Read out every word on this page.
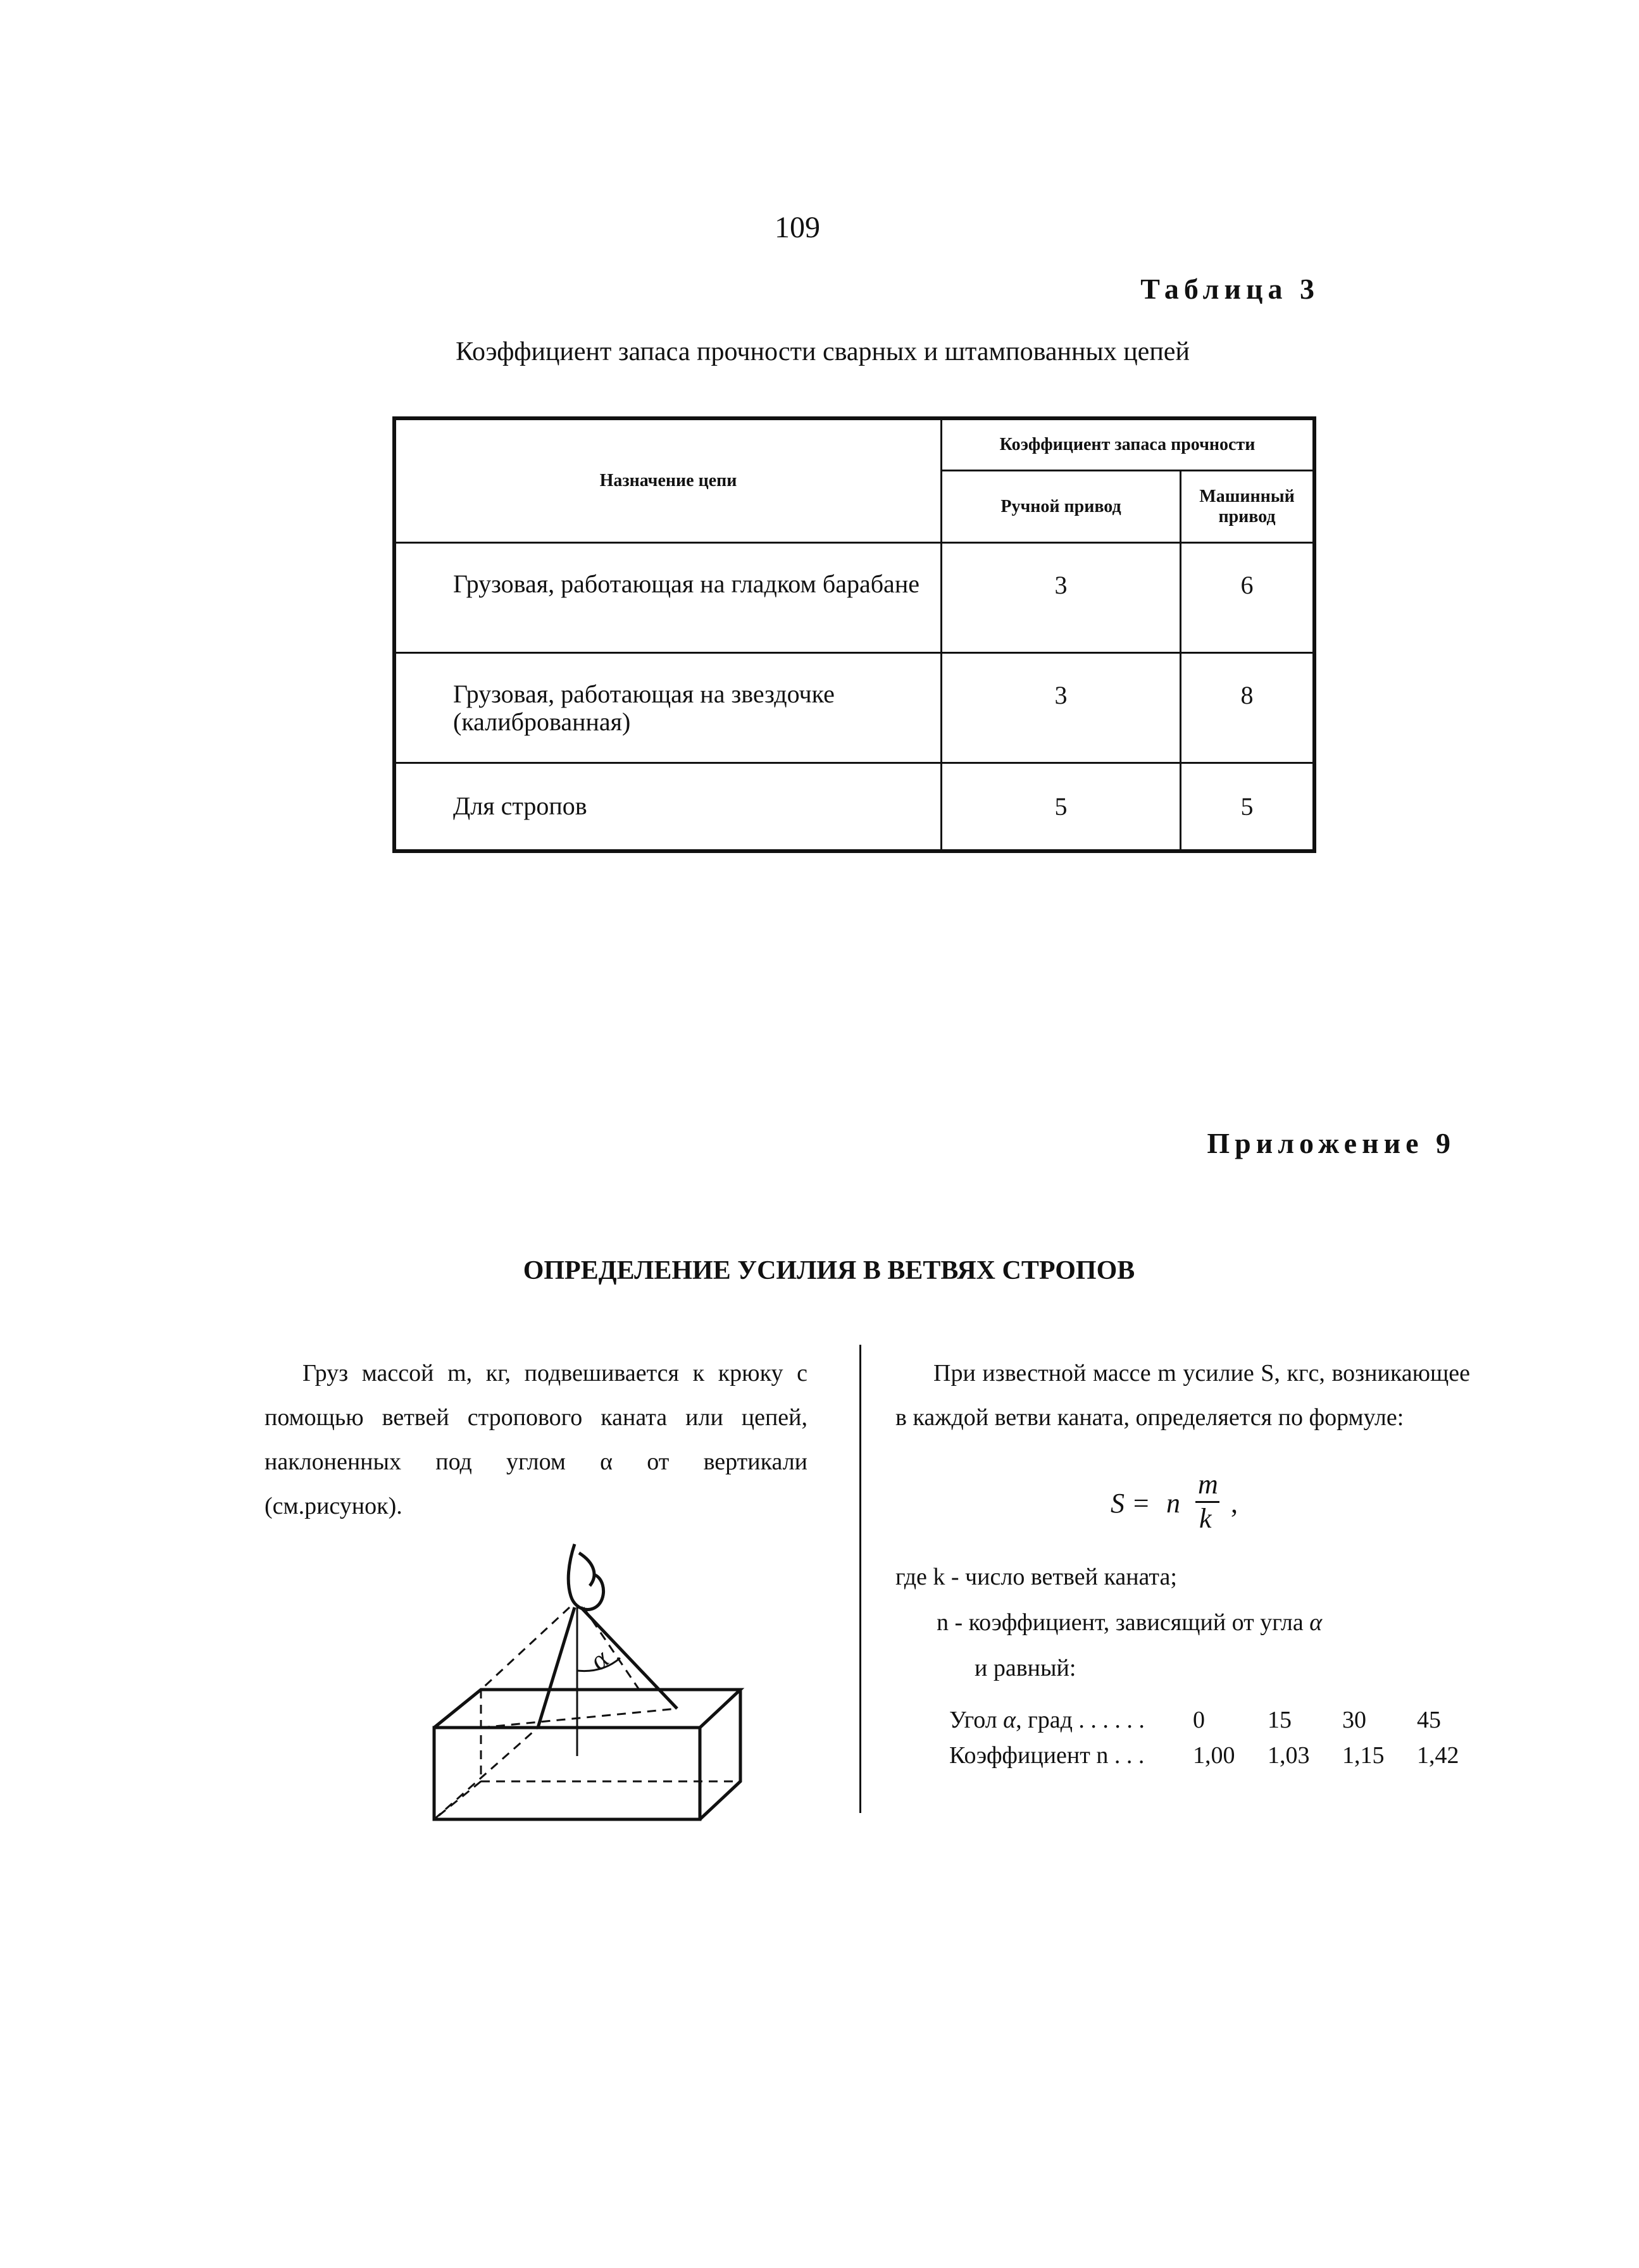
109
Таблица 3
Коэффициент запаса прочности сварных и штампованных цепей
Назначение цепи	Коэффициент запаса прочности	
	Ручной привод	Машинный привод
Грузовая, работающая на гладком барабане	3	6
Грузовая, работающая на звездочке (калиброванная)	3	8
Для стропов	5	5
Приложение 9
ОПРЕДЕЛЕНИЕ УСИЛИЯ В ВЕТВЯХ СТРОПОВ
Груз массой m, кг, подвешивается к крюку с помощью ветвей стропового каната или цепей, наклоненных под углом α от вертикали (см.рисунок).
При известной массе m усилие S, кгс, возникающее в каждой ветви каната, определяется по формуле:
S = n
m
k ,
где k - число ветвей каната;
n - коэффициент, зависящий от угла α
и равный:
Угол α, град . . . . . .	0	15	30	45
Коэффициент n . . .	1,00	1,03	1,15	1,42
α
